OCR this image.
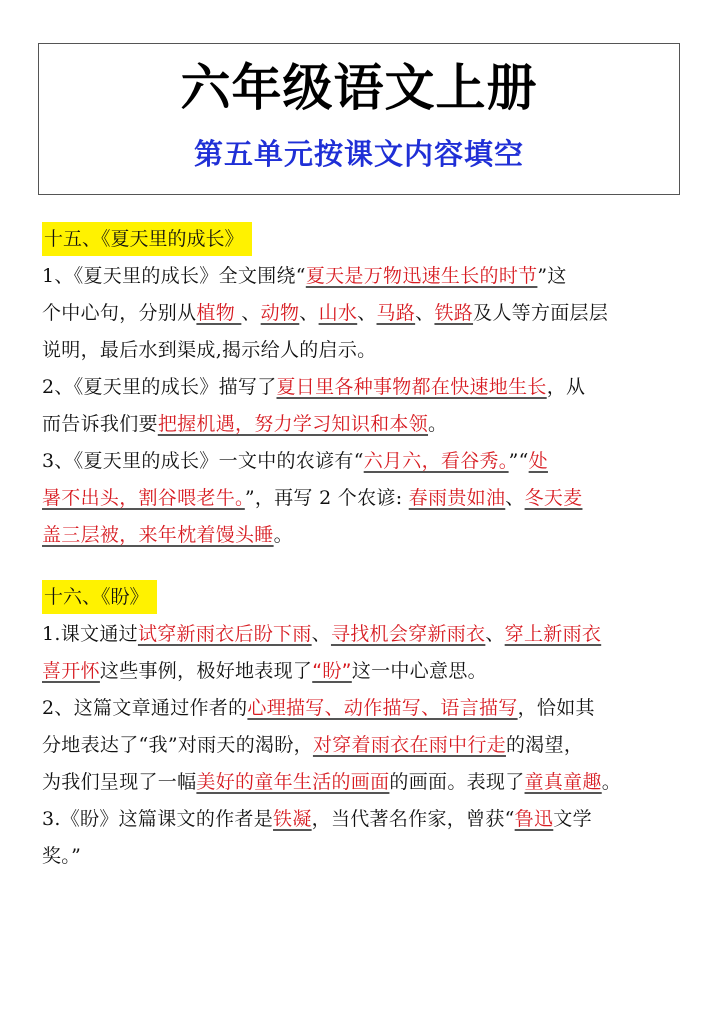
六年级语文上册
第五单元按课文内容填空
十五、《夏天里的成长》

1、《夏天里的成长》全文围绕“夏天是万物迅速生长的时节”这

个中心句，分别从植物 、动物、山水、马路、铁路及人等方面层层

说明，最后水到渠成,揭示给人的启示。

2、《夏天里的成长》描写了夏日里各种事物都在快速地生长，从

而告诉我们要把握机遇，努力学习知识和本领。

3、《夏天里的成长》一文中的农谚有“六月六，看谷秀。”“处

暑不出头，割谷喂老牛。”，再写 2 个农谚: 春雨贵如油、冬天麦

盖三层被，来年枕着馒头睡。

十六、《盼》

1.课文通过试穿新雨衣后盼下雨、寻找机会穿新雨衣、穿上新雨衣

喜开怀这些事例，极好地表现了“盼”这一中心意思。

2、这篇文章通过作者的心理描写、动作描写、语言描写，恰如其

分地表达了“我”对雨天的渴盼，对穿着雨衣在雨中行走的渴望，

为我们呈现了一幅美好的童年生活的画面的画面。表现了童真童趣。

3.《盼》这篇课文的作者是铁凝，当代著名作家，曾获“鲁迅文学

奖。”
